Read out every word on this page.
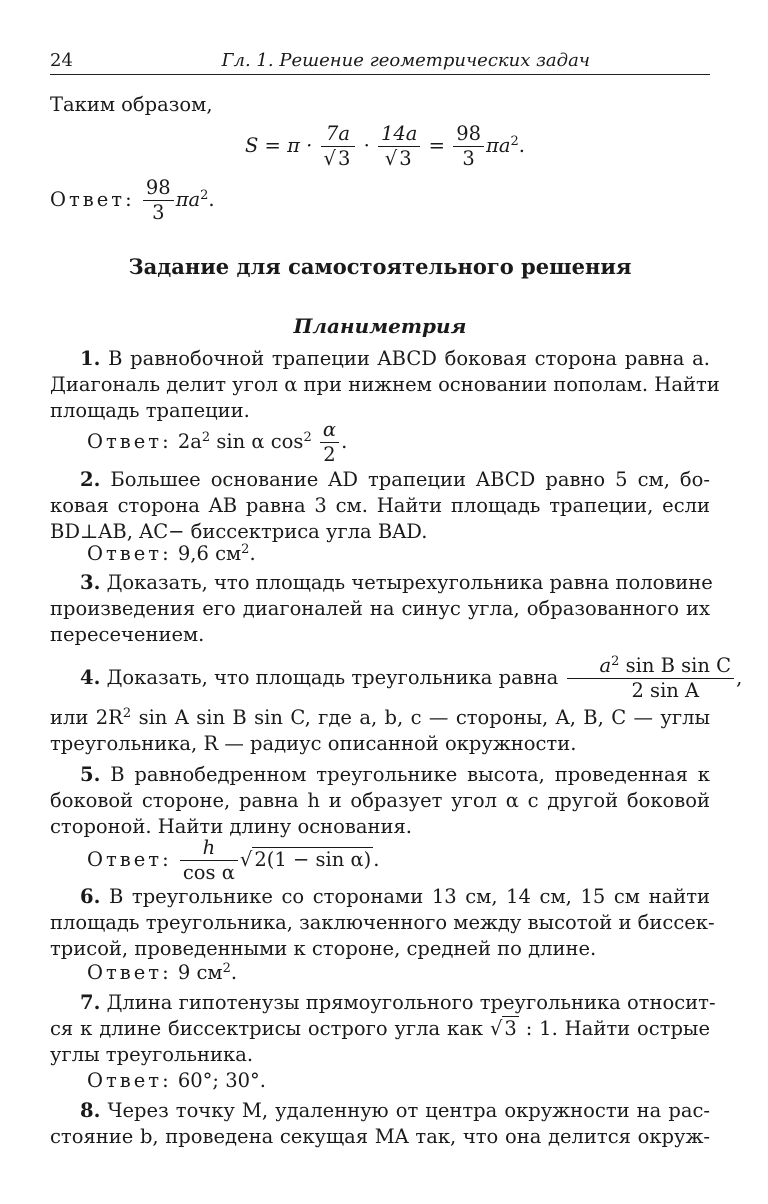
24	Гл. 1. Решение геометрических задач
Таким образом,
$S = \pi \cdot \frac{7a}{√ 3} \cdot \frac{14a}{√ 3} = \frac{98}{3} \pi a^2$.
Ответ: $\frac{98}{3} \pi a^2$.
Задание для самостоятельного решения
Планиметрия
1. В равнобочной трапеции ABCD боковая сторона равна a.
Диагональ делит угол α при нижнем основании пополам. Найти
площадь трапеции.
Ответ: $2a^2$ sin α $\cos^2 \frac{\alpha}{2}$ .
2. Большее основание AD трапеции ABCD равно 5 см, бо-
ковая сторона AB равна 3 см. Найти площадь трапеции, если
BD⊥AB, AC− биссектриса угла BAD.
Ответ: 9,6 $см^2$.
3. Доказать, что площадь четырехугольника равна половине
произведения его диагоналей на синус угла, образованного их
пересечением.
4. Доказать, что площадь треугольника равна $\frac{a^2 \sin B \sin C}{\text{2 sin A}}$ ,
или $2R^2$ sin A sin B sin C, где a, b, c — стороны, A, B, C — углы
треугольника, R — радиус описанной окружности.
5. В равнобедренном треугольнике высота, проведенная к
боковой стороне, равна h и образует угол α с другой боковой
стороной. Найти длину основания.
Ответ: $\frac{h}{\text{cos α}}$ √ 2(1 − sin α) .
6. В треугольнике со сторонами 13 см, 14 см, 15 см найти
площадь треугольника, заключенного между высотой и биссек-
трисой, проведенными к стороне, средней по длине.
Ответ: 9 $см^2$.
7. Длина гипотенузы прямоугольного треугольника относит-
ся к длине биссектрисы острого угла как √ 3 : 1. Найти острые
углы треугольника.
Ответ: 60°; 30°.
8. Через точку M, удаленную от центра окружности на рас-
стояние b, проведена секущая MA так, что она делится окруж-
